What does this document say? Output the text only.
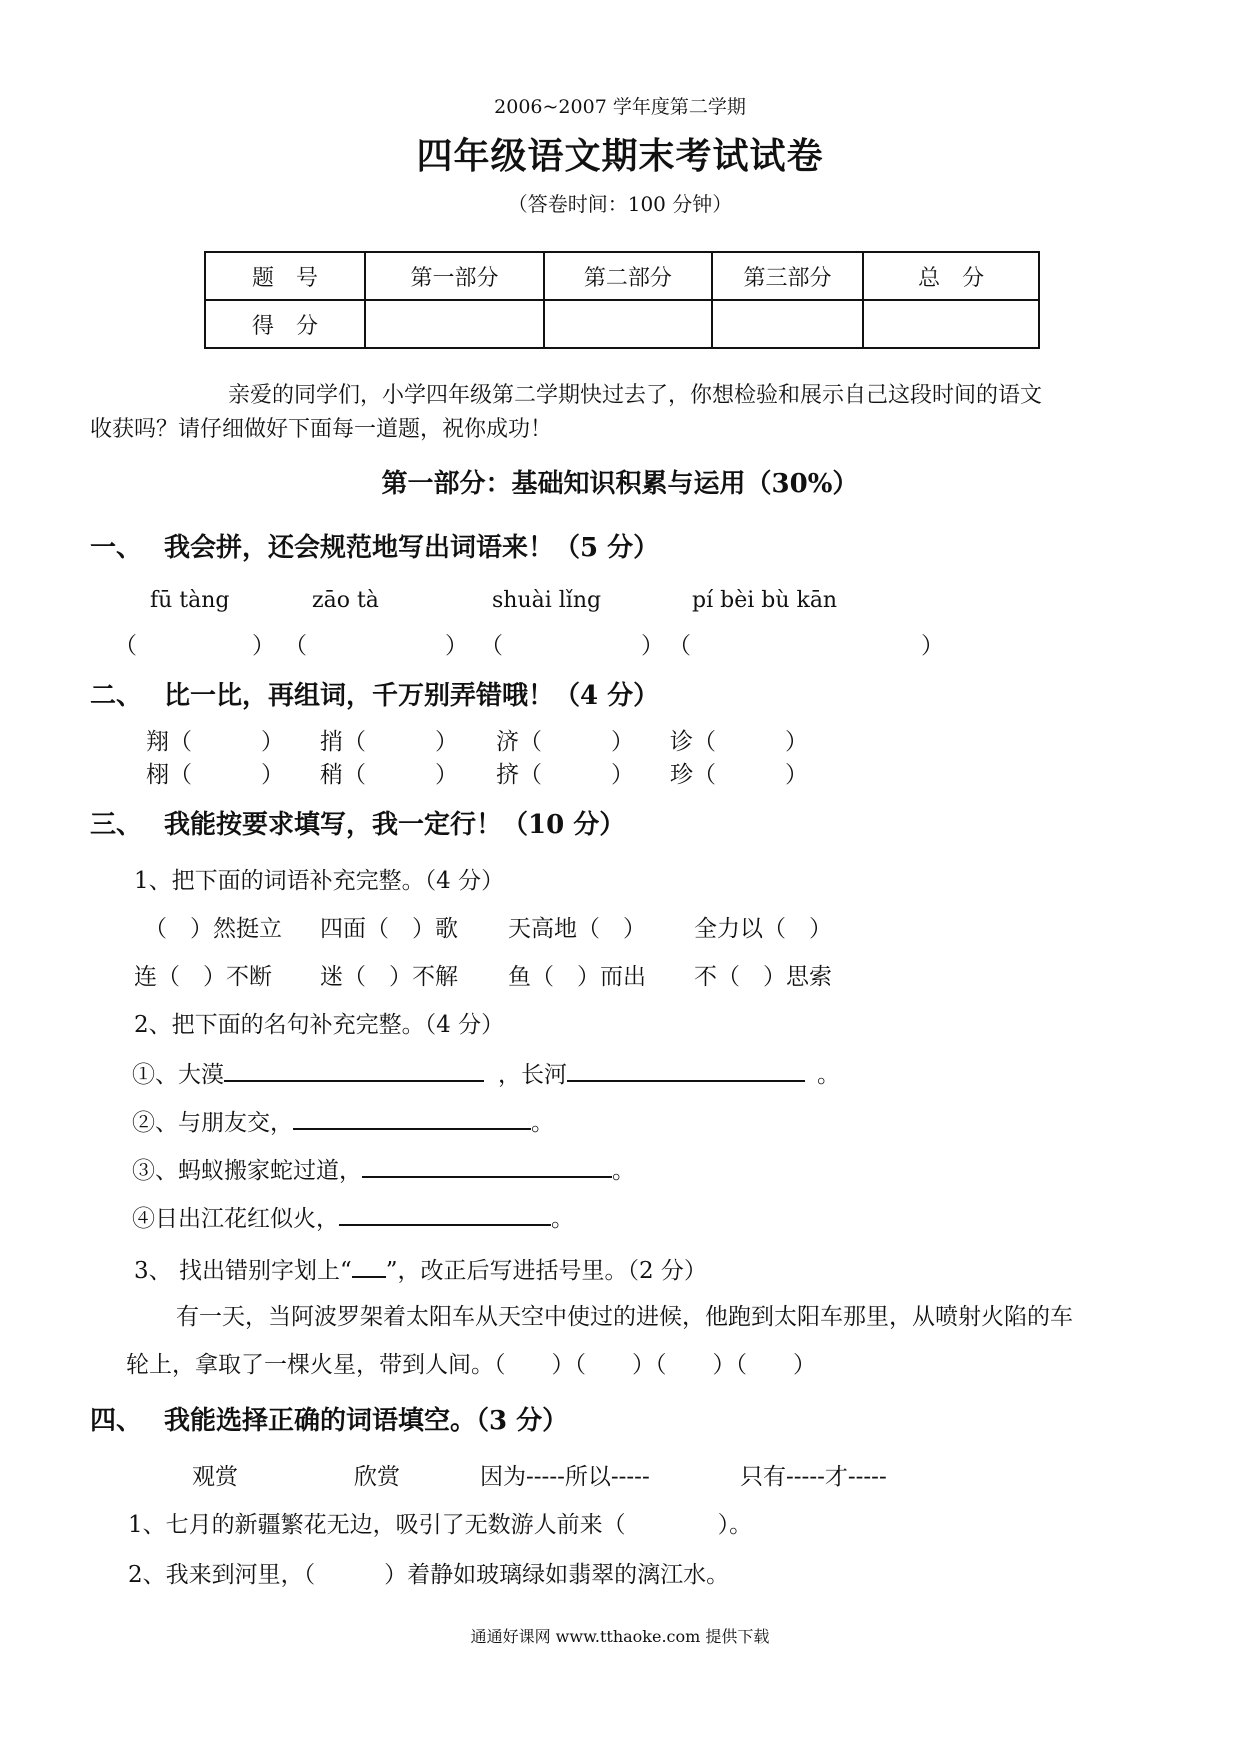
2006~2007 学年度第二学期
四年级语文期末考试试卷
（答卷时间：100 分钟）
题　号	第一部分	第二部分	第三部分	总　分
得　分				
亲爱的同学们，小学四年级第二学期快过去了，你想检验和展示自己这段时间的语文
收获吗？请仔细做好下面每一道题，祝你成功！
第一部分：基础知识积累与运用（30%）
一、 我会拼，还会规范地写出词语来！（5 分）
fū tàng	zāo tà	shuài lǐng	pí bèi bù kān
（　　　　　） （　　　　　　） （　　　　　　） （　　　　　　　　　　）
二、 比一比，再组词，千万别弄错哦！（4 分）
翔（　　　） 捎（　　　） 济（　　　） 诊（　　　）
栩（　　　） 稍（　　　） 挤（　　　） 珍（　　　）
三、 我能按要求填写，我一定行！（10 分）
1、把下面的词语补充完整。（4 分）
（　）然挺立 四面（　）歌 天高地（　） 全力以（　）
连（　）不断 迷（　）不解 鱼（　）而出 不（　）思索
2、把下面的名句补充完整。（4 分）
①、大漠	，长河	。
②、与朋友交，	。
③、蚂蚁搬家蛇过道，	。
④日出江花红似火，	。
3、 找出错别字划上“ ”，改正后写进括号里。（2 分）
有一天，当阿波罗架着太阳车从天空中使过的进候，他跑到太阳车那里，从喷射火陷的车
轮上，拿取了一棵火星，带到人间。（　　）（　　）（　　）（　　）
四、 我能选择正确的词语填空。（3 分）
观赏	欣赏	因为-----所以-----	只有-----才-----
1、七月的新疆繁花无边，吸引了无数游人前来（　　　　）。
2、我来到河里，（　　　）着静如玻璃绿如翡翠的漓江水。
通通好课网 www.tthaoke.com 提供下载
